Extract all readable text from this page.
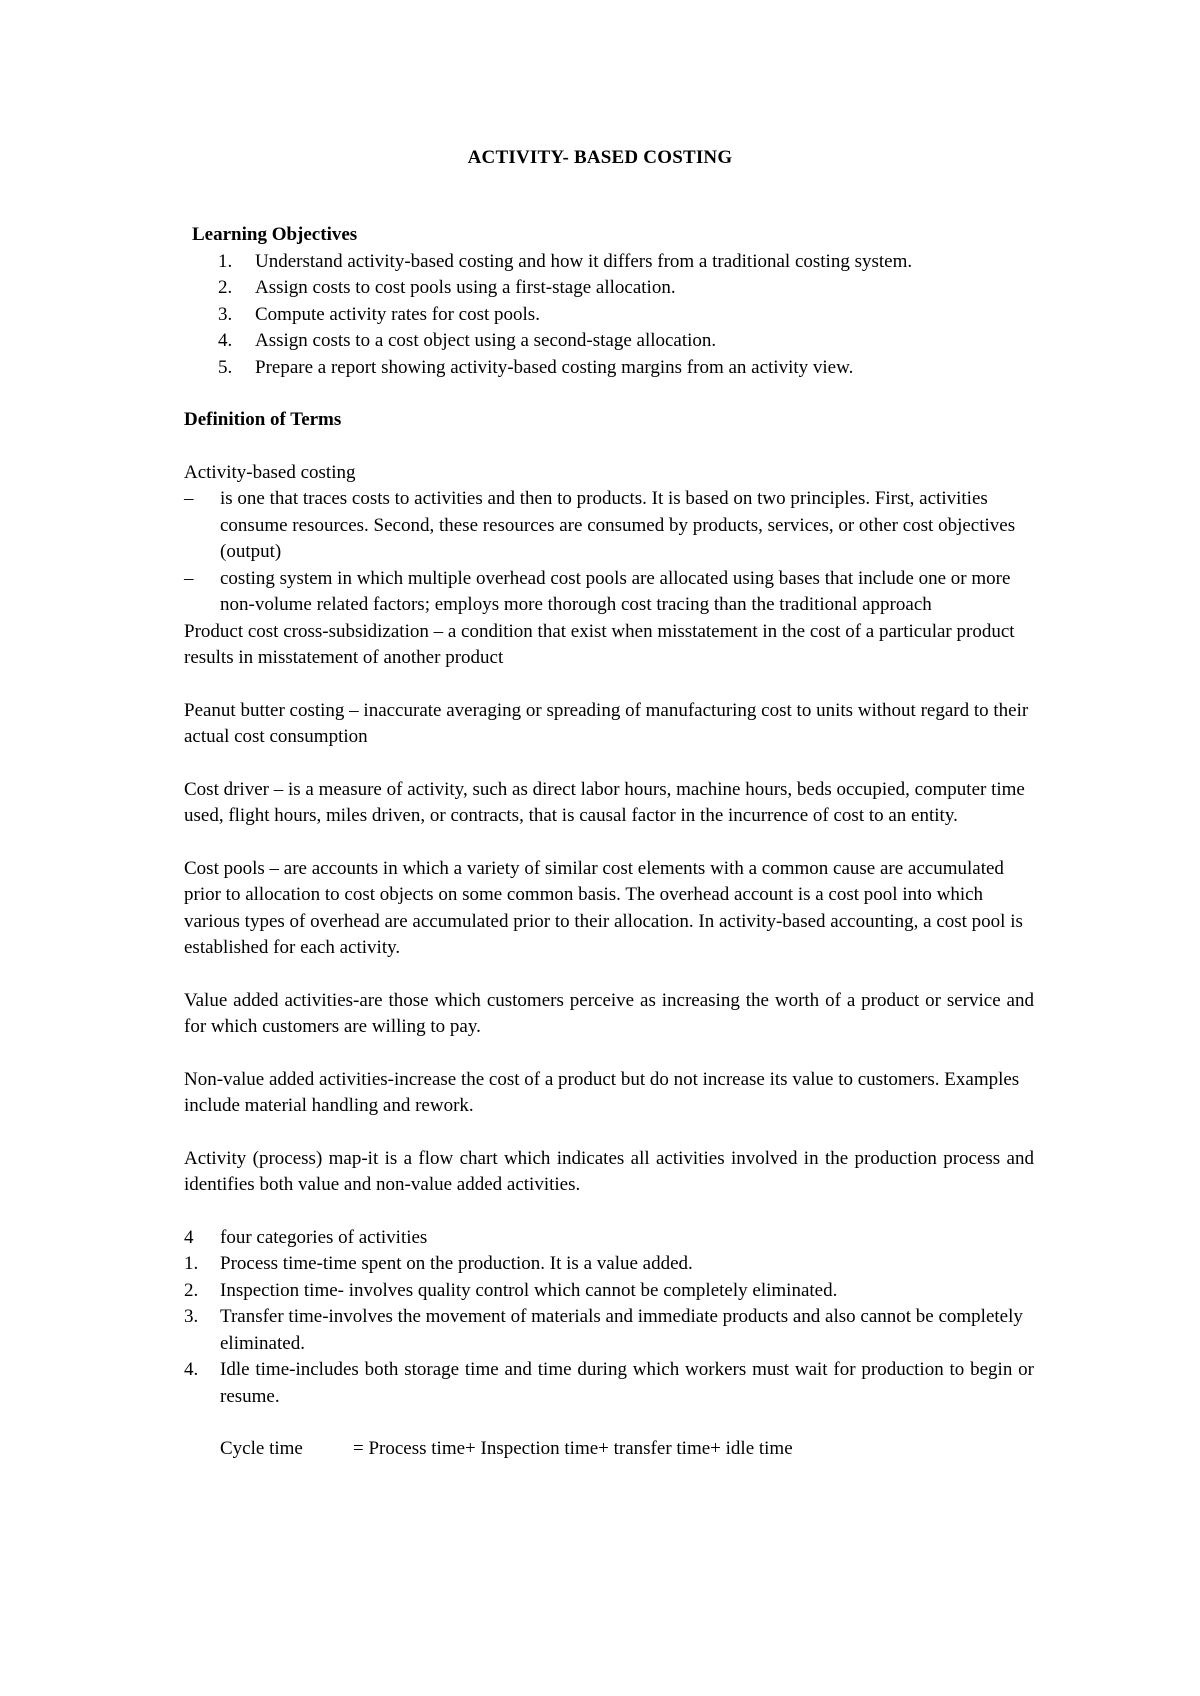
ACTIVITY- BASED COSTING
Learning Objectives
1. Understand activity-based costing and how it differs from a traditional costing system.
2. Assign costs to cost pools using a first-stage allocation.
3. Compute activity rates for cost pools.
4. Assign costs to a cost object using a second-stage allocation.
5. Prepare a report showing activity-based costing margins from an activity view.
Definition of Terms
Activity-based costing
– is one that traces costs to activities and then to products. It is based on two principles. First, activities consume resources. Second, these resources are consumed by products, services, or other cost objectives (output)
– costing system in which multiple overhead cost pools are allocated using bases that include one or more non-volume related factors; employs more thorough cost tracing than the traditional approach
Product cost cross-subsidization – a condition that exist when misstatement in the cost of a particular product results in misstatement of another product
Peanut butter costing – inaccurate averaging or spreading of manufacturing cost to units without regard to their actual cost consumption
Cost driver – is a measure of activity, such as direct labor hours, machine hours, beds occupied, computer time used, flight hours, miles driven, or contracts, that is causal factor in the incurrence of cost to an entity.
Cost pools – are accounts in which a variety of similar cost elements with a common cause are accumulated prior to allocation to cost objects on some common basis. The overhead account is a cost pool into which various types of overhead are accumulated prior to their allocation. In activity-based accounting, a cost pool is established for each activity.
Value added activities-are those which customers perceive as increasing the worth of a product or service and for which customers are willing to pay.
Non-value added activities-increase the cost of a product but do not increase its value to customers. Examples include material handling and rework.
Activity (process) map-it is a flow chart which indicates all activities involved in the production process and identifies both value and non-value added activities.
4 four categories of activities
1. Process time-time spent on the production. It is a value added.
2. Inspection time- involves quality control which cannot be completely eliminated.
3. Transfer time-involves the movement of materials and immediate products and also cannot be completely eliminated.
4. Idle time-includes both storage time and time during which workers must wait for production to begin or resume.
Cycle time	= Process time+ Inspection time+ transfer time+ idle time
